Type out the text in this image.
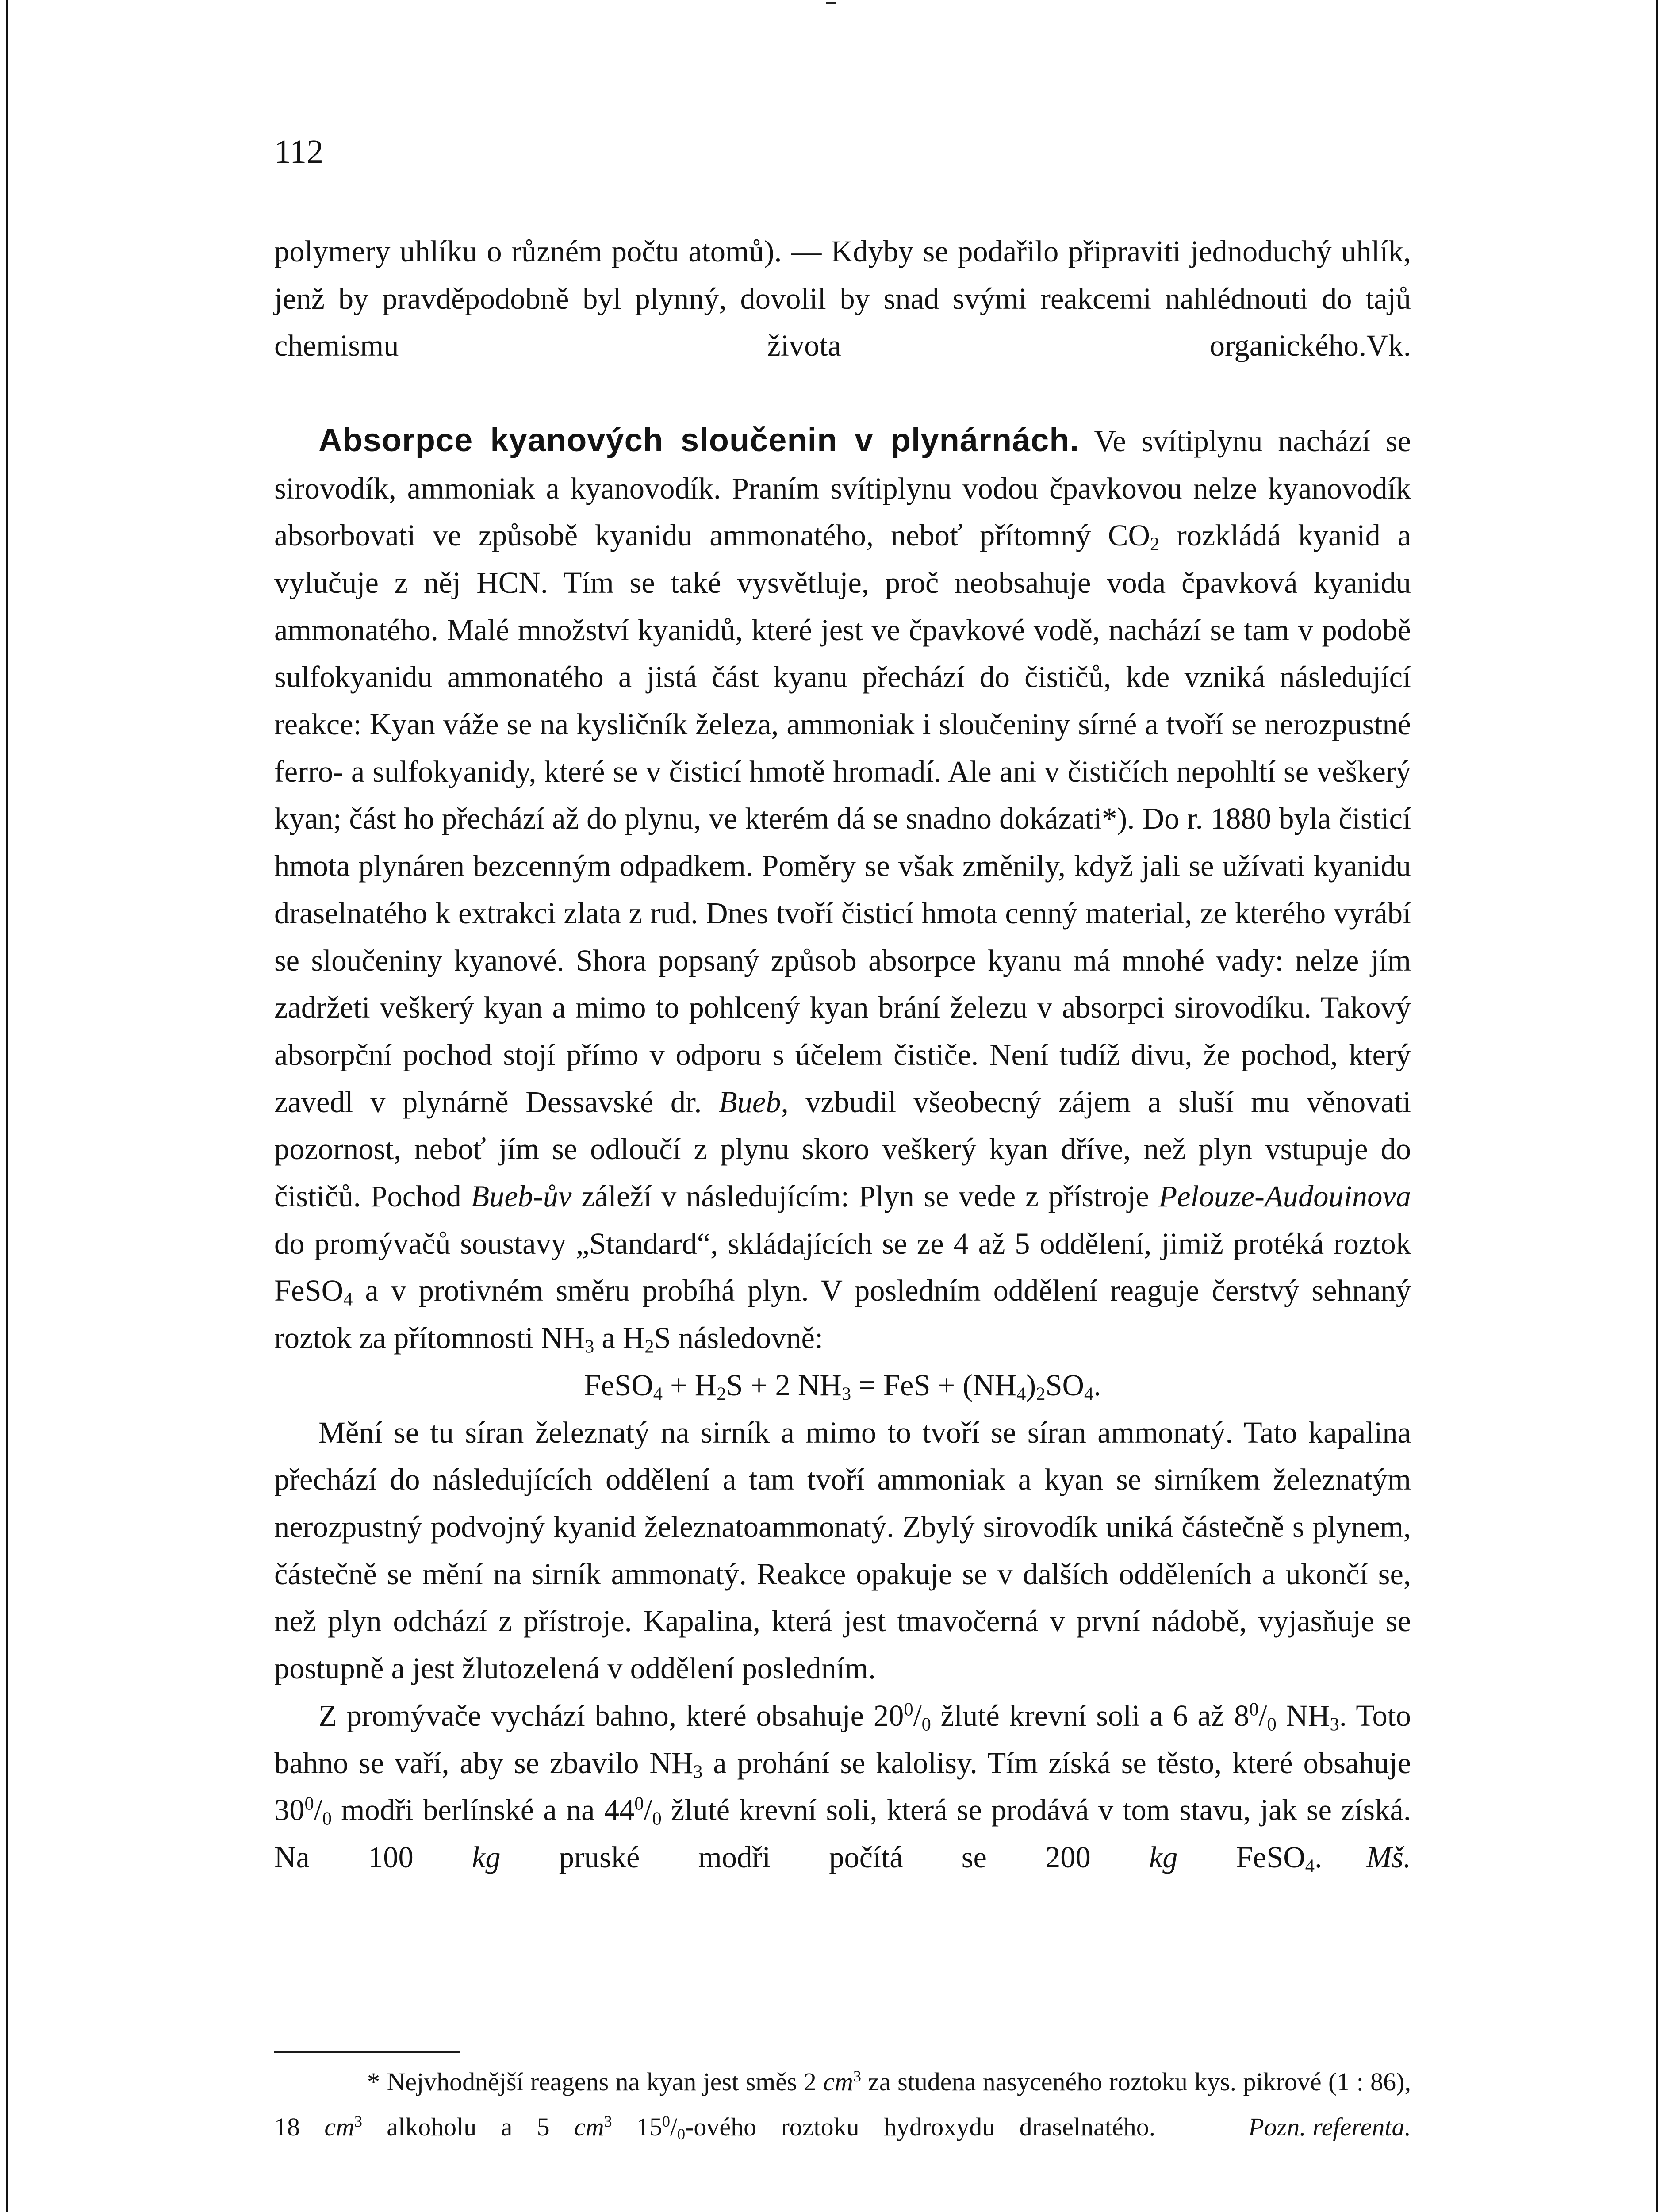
112

polymery uhlíku o různém počtu atomů). — Kdyby se podařilo připraviti jednoduchý uhlík, jenž by pravděpodobně byl plynný, dovolil by snad svými reakcemi nahlédnouti do tajů chemismu života organického. Vk.

Absorpce kyanových sloučenin v plynárnách. Ve svítiplynu nachází se sirovodík, ammoniak a kyanovodík. Praním svítiplynu vodou čpavkovou nelze kyanovodík absorbovati ve způsobě kyanidu ammonatého, neboť přítomný $CO_2$ rozkládá kyanid a vylučuje z něj HCN. Tím se také vysvětluje, proč neobsahuje voda čpavková kyanidu ammonatého. Malé množství kyanidů, které jest ve čpavkové vodě, nachází se tam v podobě sulfokyanidu ammonatého a jistá část kyanu přechází do čističů, kde vzniká následující reakce: Kyan váže se na kysličník železa, ammoniak i sloučeniny sírné a tvoří se nerozpustné ferro- a sulfokyanidy, které se v čisticí hmotě hromadí. Ale ani v čističích nepohltí se veškerý kyan; část ho přechází až do plynu, ve kterém dá se snadno dokázati*). Do r. 1880 byla čisticí hmota plynáren bezcenným odpadkem. Poměry se však změnily, když jali se užívati kyanidu draselnatého k extrakci zlata z rud. Dnes tvoří čisticí hmota cenný material, ze kterého vyrábí se sloučeniny kyanové. Shora popsaný způsob absorpce kyanu má mnohé vady: nelze jím zadržeti veškerý kyan a mimo to pohlcený kyan brání železu v absorpci sirovodíku. Takový absorpční pochod stojí přímo v odporu s účelem čističe. Není tudíž divu, že pochod, který zavedl v plynárně Dessavské dr. Bueb, vzbudil všeobecný zájem a sluší mu věnovati pozornost, neboť jím se odloučí z plynu skoro veškerý kyan dříve, než plyn vstupuje do čističů. Pochod Bueb-ův záleží v následujícím: Plyn se vede z přístroje Pelouze-Audouinova do promývačů soustavy „Standard“, skládajících se ze 4 až 5 oddělení, jimiž protéká roztok FeSO$_4$ a v protivném směru probíhá plyn. V posledním oddělení reaguje čerstvý sehnaný roztok za přítomnosti $NH_3$ a $H_2S$ následovně:

FeSO$_4$ + $H_2S + 2$ $NH_3$ = FeS + $(NH_4)_2SO_4$.

Mění se tu síran železnatý na sirník a mimo to tvoří se síran ammonatý. Tato kapalina přechází do následujících oddělení a tam tvoří ammoniak a kyan se sirníkem železnatým nerozpustný podvojný kyanid železnatoammonatý. Zbylý sirovodík uniká částečně s plynem, částečně se mění na sirník ammonatý. Reakce opakuje se v dalších odděleních a ukončí se, než plyn odchází z přístroje. Kapalina, která jest tmavočerná v první nádobě, vyjasňuje se postupně a jest žlutozelená v oddělení posledním.

Z promývače vychází bahno, které obsahuje $20^0/_0$ žluté krevní soli a 6 až $8^0/_0$ $NH_3$. Toto bahno se vaří, aby se zbavilo $NH_3$ a prohání se kalolisy. Tím získá se těsto, které obsahuje $30^0/_0$ modři berlínské a na $44^0/_0$ žluté krevní soli, která se prodává v tom stavu, jak se získá. Na 100 kg pruské modři počítá se 200 kg FeSO$_4$.	Mš.

* Nejvhodnější reagens na kyan jest směs 2 $cm^3$ za studena nasyceného roztoku kys. pikrové (1 : 86), 18 $cm^3$ alkoholu a 5 $cm^3$ $15^0/_0$-ového roztoku hydroxydu draselnatého.	Pozn. referenta.
